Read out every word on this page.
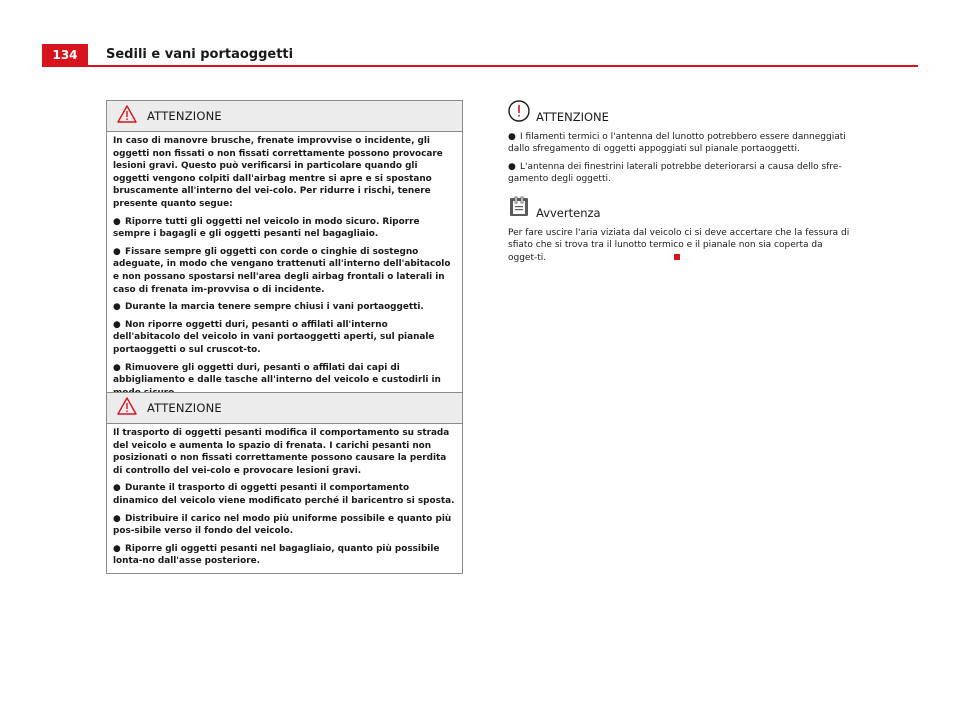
134	Sedili e vani portaoggetti
ATTENZIONE

In caso di manovre brusche, frenate improvvise o incidente, gli oggetti non fissati o non fissati correttamente possono provocare lesioni gravi. Questo può verificarsi in particolare quando gli oggetti vengono colpiti dall'airbag mentre si apre e si spostano bruscamente all'interno del vei-colo. Per ridurre i rischi, tenere presente quanto segue:

● Riporre tutti gli oggetti nel veicolo in modo sicuro. Riporre sempre i bagagli e gli oggetti pesanti nel bagagliaio.

● Fissare sempre gli oggetti con corde o cinghie di sostegno adeguate, in modo che vengano trattenuti all'interno dell'abitacolo e non possano spostarsi nell'area degli airbag frontali o laterali in caso di frenata im-provvisa o di incidente.

● Durante la marcia tenere sempre chiusi i vani portaoggetti.

● Non riporre oggetti duri, pesanti o affilati all'interno dell'abitacolo del veicolo in vani portaoggetti aperti, sul pianale portaoggetti o sul cruscot-to.

● Rimuovere gli oggetti duri, pesanti o affilati dai capi di abbigliamento e dalle tasche all'interno del veicolo e custodirli in

ATTENZIONE

Il trasporto di oggetti pesanti modifica il comportamento su strada del veicolo e aumenta lo spazio di frenata. I carichi pesanti non posizionati o non fissati correttamente possono causare la perdita di controllo del vei-colo e provocare lesioni gravi.

● Durante il trasporto di oggetti pesanti il comportamento dinamico del veicolo viene modificato perché il baricentro si sposta.

● Distribuire il carico nel modo più uniforme possibile e quanto più pos-sibile verso il fondo del veicolo.

● Riporre gli oggetti pesanti nel bagagliaio, quanto più possibile lonta-no dall'asse posteriore.

ATTENZIONE

● I filamenti termici o l'antenna del lunotto potrebbero essere danneggiati dallo sfregamento di oggetti appoggiati sul pianale portaoggetti.

● L'antenna dei finestrini laterali potrebbe deteriorarsi a causa dello sfre-gamento degli oggetti.

Avvertenza

Per fare uscire l'aria viziata dal veicolo ci si deve accertare che la fessura di sfiato che si trova tra il lunotto termico e il pianale non sia coperta da ogget-ti.
